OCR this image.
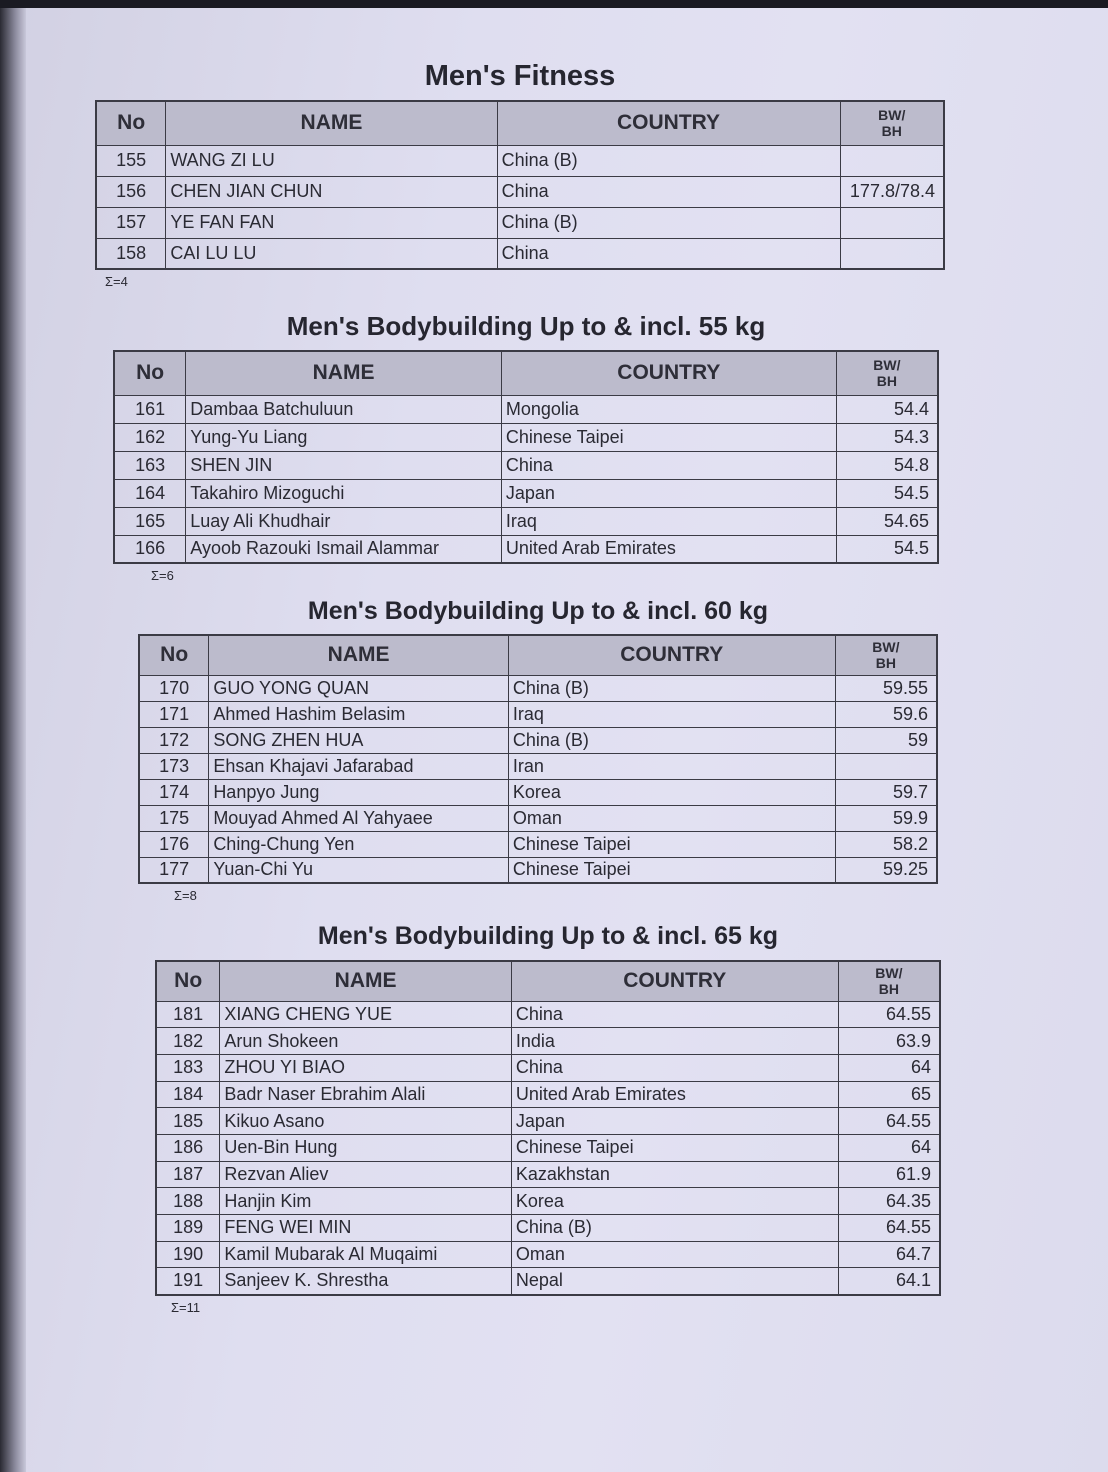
Men's Fitness
No	NAME	COUNTRY	BW/
BH

155	WANG ZI LU	China (B)	
156	CHEN JIAN CHUN	China	177.8/78.4
157	YE FAN FAN	China (B)	
158	CAI LU LU	China	
Σ=4
Men's Bodybuilding Up to & incl. 55 kg
No	NAME	COUNTRY	BW/
BH

161	Dambaa Batchuluun	Mongolia	54.4
162	Yung-Yu Liang	Chinese Taipei	54.3
163	SHEN JIN	China	54.8
164	Takahiro Mizoguchi	Japan	54.5
165	Luay Ali Khudhair	Iraq	54.65
166	Ayoob Razouki Ismail Alammar	United Arab Emirates	54.5
Σ=6
Men's Bodybuilding Up to & incl. 60 kg
No	NAME	COUNTRY	BW/
BH

170	GUO YONG QUAN	China (B)	59.55
171	Ahmed Hashim Belasim	Iraq	59.6
172	SONG ZHEN HUA	China (B)	59
173	Ehsan Khajavi Jafarabad	Iran	
174	Hanpyo Jung	Korea	59.7
175	Mouyad Ahmed Al Yahyaee	Oman	59.9
176	Ching-Chung Yen	Chinese Taipei	58.2
177	Yuan-Chi Yu	Chinese Taipei	59.25
Σ=8
Men's Bodybuilding Up to & incl. 65 kg
No	NAME	COUNTRY	BW/
BH

181	XIANG CHENG YUE	China	64.55
182	Arun Shokeen	India	63.9
183	ZHOU YI BIAO	China	64
184	Badr Naser Ebrahim Alali	United Arab Emirates	65
185	Kikuo Asano	Japan	64.55
186	Uen-Bin Hung	Chinese Taipei	64
187	Rezvan Aliev	Kazakhstan	61.9
188	Hanjin Kim	Korea	64.35
189	FENG WEI MIN	China (B)	64.55
190	Kamil Mubarak Al Muqaimi	Oman	64.7
191	Sanjeev K. Shrestha	Nepal	64.1
Σ=11
